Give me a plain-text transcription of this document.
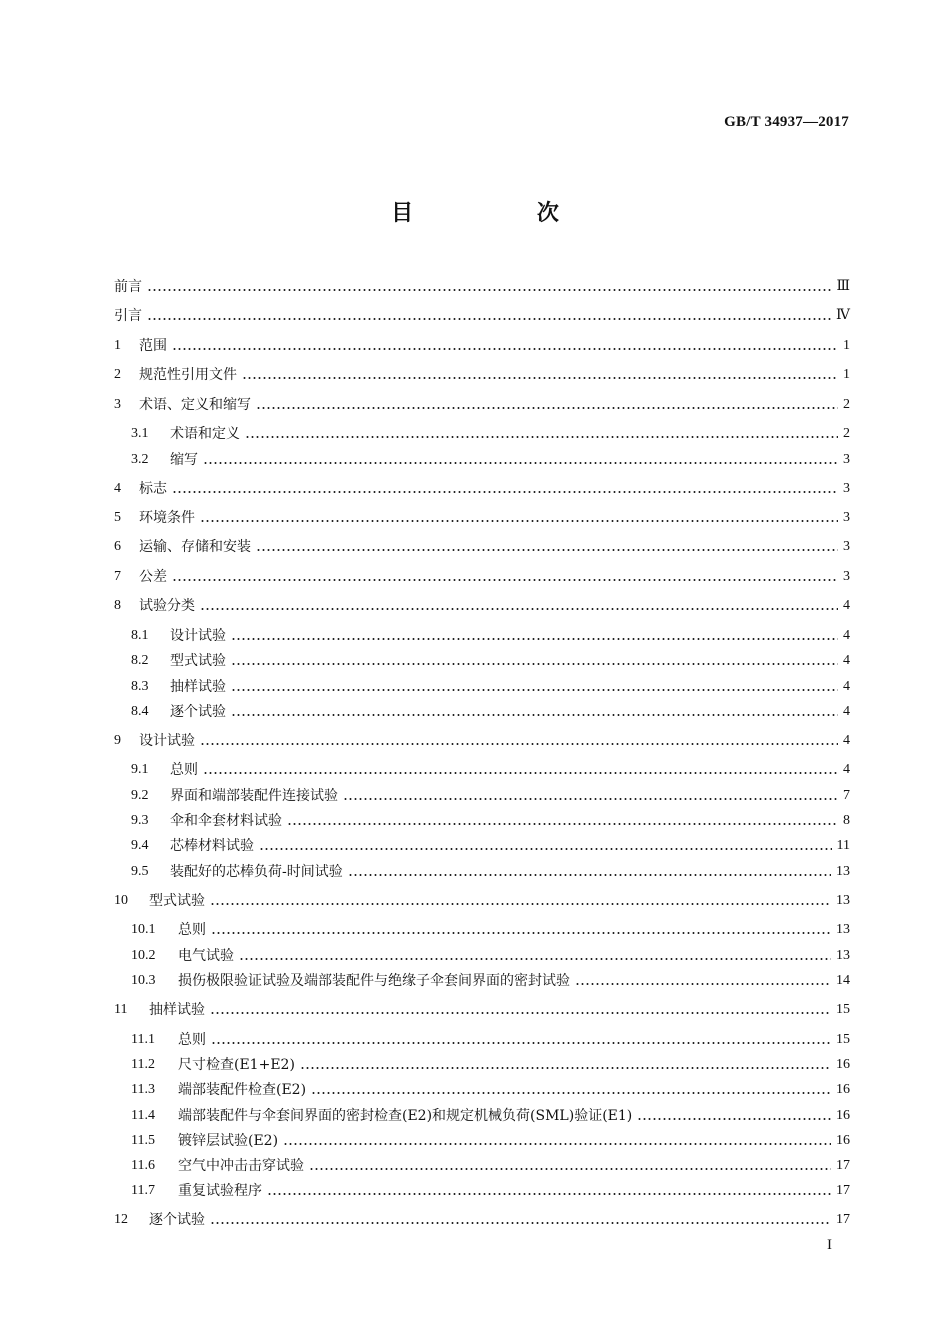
GB/T 34937—2017
目 次
前言	Ⅲ
引言	Ⅳ
1	范围	1
2	规范性引用文件	1
3	术语、定义和缩写	2
3.1	术语和定义	2
3.2	缩写	3
4	标志	3
5	环境条件	3
6	运输、存储和安装	3
7	公差	3
8	试验分类	4
8.1	设计试验	4
8.2	型式试验	4
8.3	抽样试验	4
8.4	逐个试验	4
9	设计试验	4
9.1	总则	4
9.2	界面和端部装配件连接试验	7
9.3	伞和伞套材料试验	8
9.4	芯棒材料试验	11
9.5	装配好的芯棒负荷-时间试验	13
10	型式试验	13
10.1	总则	13
10.2	电气试验	13
10.3	损伤极限验证试验及端部装配件与绝缘子伞套间界面的密封试验	14
11	抽样试验	15
11.1	总则	15
11.2	尺寸检查(E1+E2)	16
11.3	端部装配件检查(E2)	16
11.4	端部装配件与伞套间界面的密封检查(E2)和规定机械负荷(SML)验证(E1)	16
11.5	镀锌层试验(E2)	16
11.6	空气中冲击击穿试验	17
11.7	重复试验程序	17
12	逐个试验	17
I
